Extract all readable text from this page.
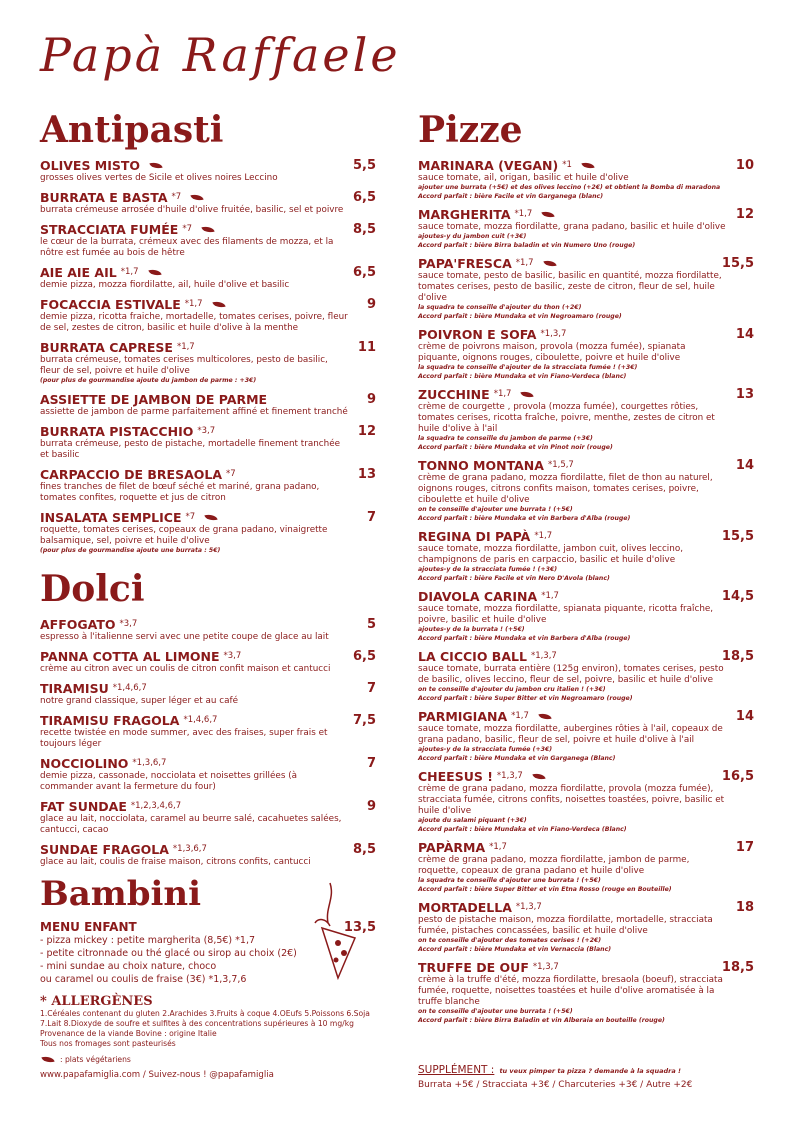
Papà Raffaele
Antipasti
OLIVES MISTO	5,5
grosses olives vertes de Sicile et olives noires Leccino
BURRATA E BASTA *7	6,5
burrata crémeuse arrosée d'huile d'olive fruitée, basilic, sel et poivre
STRACCIATA FUMÉE *7	8,5
le cœur de la burrata, crémeux avec des filaments de mozza, et la nôtre est fumée au bois de hêtre
AIE AIE AIL *1,7	6,5
demie pizza, mozza fiordilatte, ail, huile d'olive et basilic
FOCACCIA ESTIVALE *1,7	9
demie pizza, ricotta fraiche, mortadelle, tomates cerises, poivre, fleur de sel, zestes de citron, basilic et huile d'olive à la menthe
BURRATA CAPRESE *1,7	11
burrata crémeuse, tomates cerises multicolores, pesto de basilic, fleur de sel, poivre et huile d'olive
(pour plus de gourmandise ajoute du jambon de parme : +3€)
ASSIETTE DE JAMBON DE PARME	9
assiette de jambon de parme parfaitement affiné et finement tranché
BURRATA PISTACCHIO *3,7	12
burrata crémeuse, pesto de pistache, mortadelle finement tranchée et basilic
CARPACCIO DE BRESAOLA *7	13
fines tranches de filet de bœuf séché et mariné, grana padano, tomates confites, roquette et jus de citron
INSALATA SEMPLICE *7	7
roquette, tomates cerises, copeaux de grana padano, vinaigrette balsamique, sel, poivre et huile d'olive
(pour plus de gourmandise ajoute une burrata : 5€)
Dolci
AFFOGATO *3,7	5
espresso à l'italienne servi avec une petite coupe de glace au lait
PANNA COTTA AL LIMONE *3,7	6,5
crème au citron avec un coulis de citron confit maison et cantucci
TIRAMISU *1,4,6,7	7
notre grand classique, super léger et au café
TIRAMISU FRAGOLA *1,4,6,7	7,5
recette twistée en mode summer, avec des fraises, super frais et toujours léger
NOCCIOLINO *1,3,6,7	7
demie pizza, cassonade, nocciolata et noisettes grillées (à commander avant la fermeture du four)
FAT SUNDAE *1,2,3,4,6,7	9
glace au lait, nocciolata, caramel au beurre salé, cacahuetes salées, cantucci, cacao
SUNDAE FRAGOLA *1,3,6,7	8,5
glace au lait, coulis de fraise maison, citrons confits, cantucci
Bambini
MENU ENFANT	13,5
- pizza mickey : petite margherita (8,5€) *1,7
- petite citronnade ou thé glacé ou sirop au choix (2€)
- mini sundae au choix nature, choco
ou caramel ou coulis de fraise (3€) *1,3,7,6
* ALLERGÈNES
1.Céréales contenant du gluten 2.Arachides 3.Fruits à coque 4.OEufs 5.Poissons 6.Soja
7.Lait 8.Dioxyde de soufre et sulfites à des concentrations supérieures à 10 mg/kg
Provenance de la viande Bovine : origine Italie
Tous nos fromages sont pasteurisés
: plats végétariens
www.papafamiglia.com / Suivez-nous ! @papafamiglia
Pizze
MARINARA (VEGAN) *1	10
sauce tomate, ail, origan, basilic et huile d'olive
ajouter une burrata (+5€) et des olives leccino (+2€) et obtient la Bomba di maradona
Accord parfait : bière Facile et vin Garganega (blanc)
MARGHERITA *1,7	12
sauce tomate, mozza fiordilatte, grana padano, basilic et huile d'olive
ajoutes-y du jambon cuit (+3€)
Accord parfait : bière Birra baladin et vin Numero Uno (rouge)
PAPA'FRESCA *1,7	15,5
sauce tomate, pesto de basilic, basilic en quantité, mozza fiordilatte, tomates cerises, pesto de basilic, zeste de citron, fleur de sel, huile d'olive
la squadra te conseille d'ajouter du thon (+2€)
Accord parfait : bière Mundaka et vin Negroamaro (rouge)
POIVRON E SOFA *1,3,7	14
crème de poivrons maison, provola (mozza fumée), spianata piquante, oignons rouges, ciboulette, poivre et huile d'olive
la squadra te conseille d'ajouter de la stracciata fumée ! (+3€)
Accord parfait : bière Mundaka et vin Fiano-Verdeca (blanc)
ZUCCHINE *1,7	13
crème de courgette , provola (mozza fumée), courgettes rôties, tomates cerises, ricotta fraîche, poivre, menthe, zestes de citron et huile d'olive à l'ail
la squadra te conseille du jambon de parme (+3€)
Accord parfait : bière Mundaka et vin Pinot noir (rouge)
TONNO MONTANA *1,5,7	14
crème de grana padano, mozza fiordilatte, filet de thon au naturel, oignons rouges, citrons confits maison, tomates cerises, poivre, ciboulette et huile d'olive
on te conseille d'ajouter une burrata ! (+5€)
Accord parfait : bière Mundaka et vin Barbera d'Alba (rouge)
REGINA DI PAPÀ *1,7	15,5
sauce tomate, mozza fiordilatte, jambon cuit, olives leccino, champignons de paris en carpaccio, basilic et huile d'olive
ajoutes-y de la stracciata fumée ! (+3€)
Accord parfait : bière Facile et vin Nero D'Avola (blanc)
DIAVOLA CARINA *1,7	14,5
sauce tomate, mozza fiordilatte, spianata piquante, ricotta fraîche, poivre, basilic et huile d'olive
ajoutes-y de la burrata ! (+5€)
Accord parfait : bière Mundaka et vin Barbera d'Alba (rouge)
LA CICCIO BALL *1,3,7	18,5
sauce tomate, burrata entière (125g environ), tomates cerises, pesto de basilic, olives leccino, fleur de sel, poivre, basilic et huile d'olive
on te conseille d'ajouter du jambon cru italien ! (+3€)
Accord parfait : bière Super Bitter et vin Negroamaro (rouge)
PARMIGIANA *1,7	14
sauce tomate, mozza fiordilatte, aubergines rôties à l'ail, copeaux de grana padano, basilic, fleur de sel, poivre et huile d'olive à l'ail
ajoutes-y de la stracciata fumée (+3€)
Accord parfait : bière Mundaka et vin Garganega (Blanc)
CHEESUS ! *1,3,7	16,5
crème de grana padano, mozza fiordilatte, provola (mozza fumée), stracciata fumée, citrons confits, noisettes toastées, poivre, basilic et huile d'olive
ajoute du salami piquant (+3€)
Accord parfait : bière Mundaka et vin Fiano-Verdeca (Blanc)
PAPÀRMA *1,7	17
crème de grana padano, mozza fiordilatte, jambon de parme, roquette, copeaux de grana padano et huile d'olive
la squadra te conseille d'ajouter une burrata ! (+5€)
Accord parfait : bière Super Bitter et vin Etna Rosso (rouge en Bouteille)
MORTADELLA *1,3,7	18
pesto de pistache maison, mozza fiordilatte, mortadelle, stracciata fumée, pistaches concassées, basilic et huile d'olive
on te conseille d'ajouter des tomates cerises ! (+2€)
Accord parfait : bière Mundaka et vin Vernaccia (Blanc)
TRUFFE DE OUF *1,3,7	18,5
crème à la truffe d'été, mozza fiordilatte, bresaola (boeuf), stracciata fumée, roquette, noisettes toastées et huile d'olive aromatisée à la truffe blanche
on te conseille d'ajouter une burrata ! (+5€)
Accord parfait : bière Birra Baladin et vin Alberaia en bouteille (rouge)
SUPPLÉMENT : tu veux pimper ta pizza ? demande à la squadra !
Burrata +5€ / Stracciata +3€ / Charcuteries +3€ / Autre +2€
